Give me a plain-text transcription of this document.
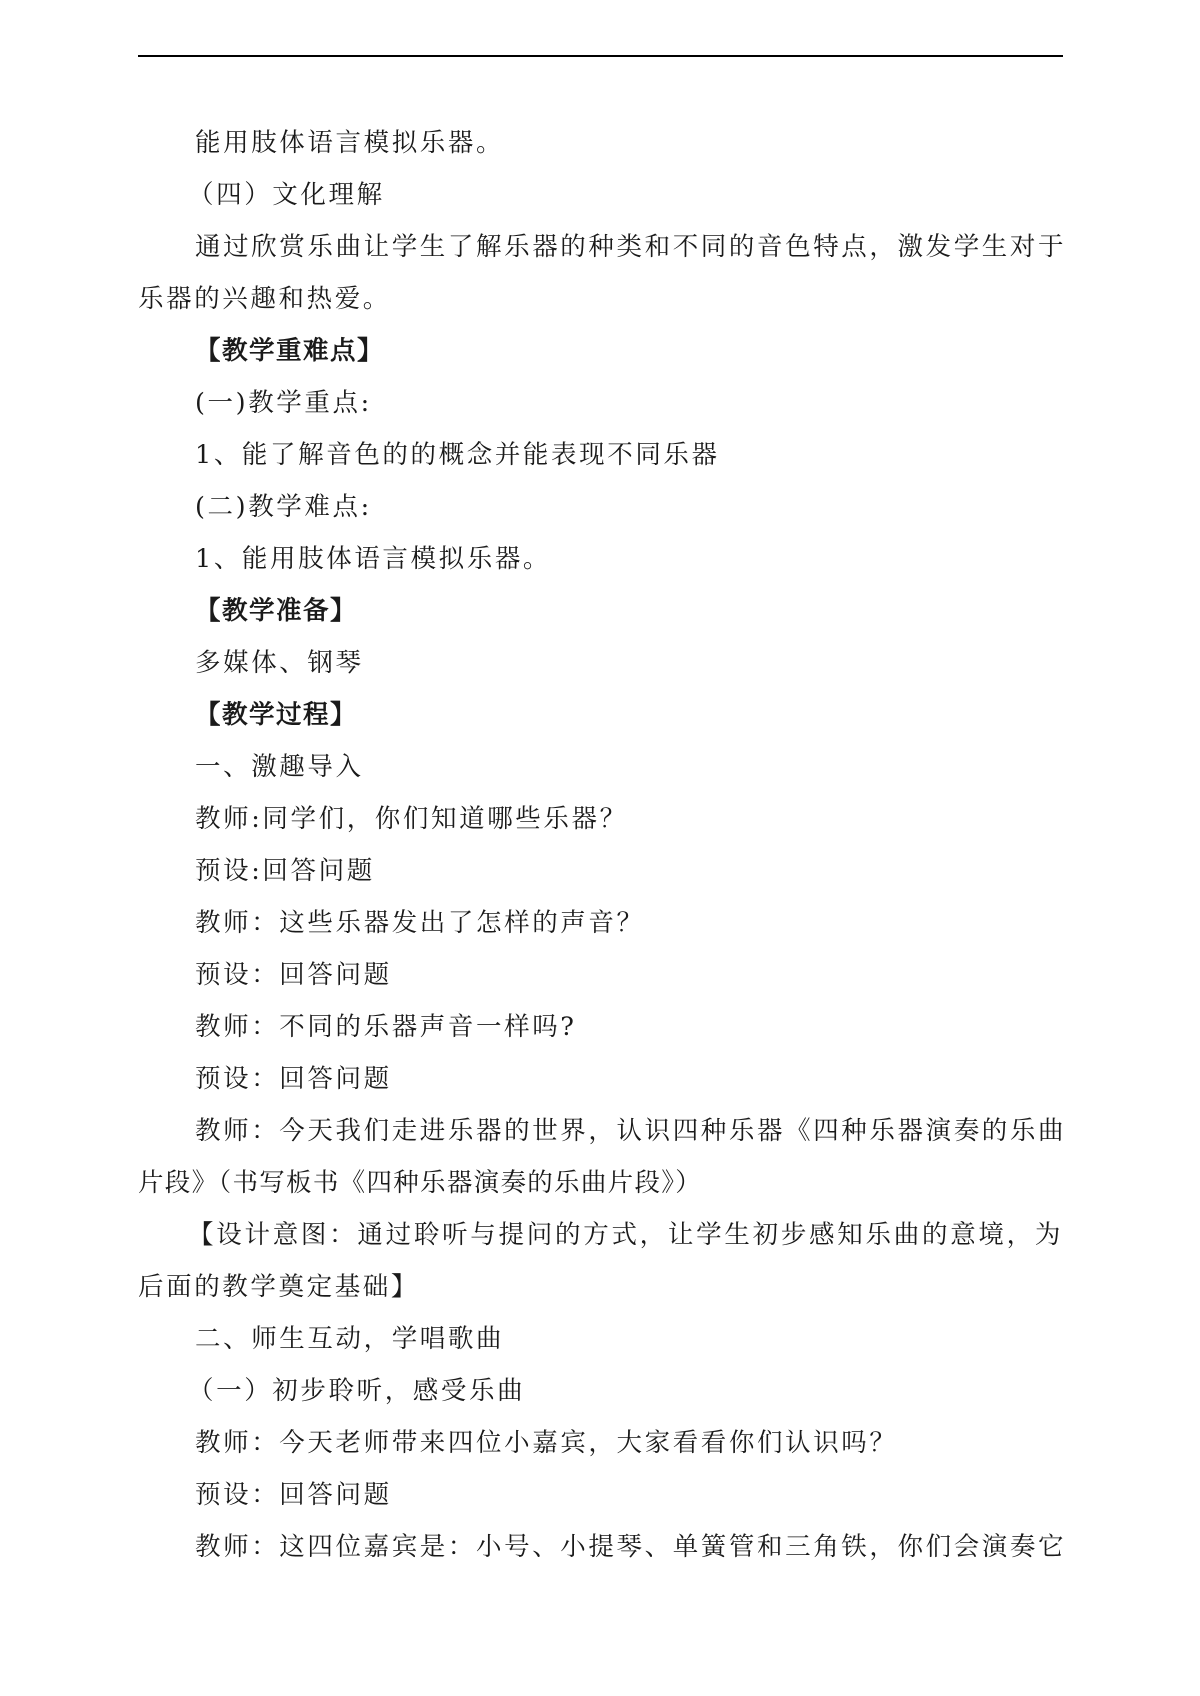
能用肢体语言模拟乐器。
（四）文化理解
通过欣赏乐曲让学生了解乐器的种类和不同的音色特点，激发学生对于
乐器的兴趣和热爱。
【教学重难点】
(一)教学重点:
1、能了解音色的的概念并能表现不同乐器
(二)教学难点:
1、能用肢体语言模拟乐器。
【教学准备】
多媒体、钢琴
【教学过程】
一、激趣导入
教师:同学们，你们知道哪些乐器？
预设:回答问题
教师：这些乐器发出了怎样的声音？
预设：回答问题
教师：不同的乐器声音一样吗?
预设：回答问题
教师：今天我们走进乐器的世界，认识四种乐器《四种乐器演奏的乐曲
片段》（书写板书《四种乐器演奏的乐曲片段》）
【设计意图：通过聆听与提问的方式，让学生初步感知乐曲的意境，为
后面的教学奠定基础】
二、师生互动，学唱歌曲
（一）初步聆听，感受乐曲
教师：今天老师带来四位小嘉宾，大家看看你们认识吗？
预设：回答问题
教师：这四位嘉宾是：小号、小提琴、单簧管和三角铁，你们会演奏它
